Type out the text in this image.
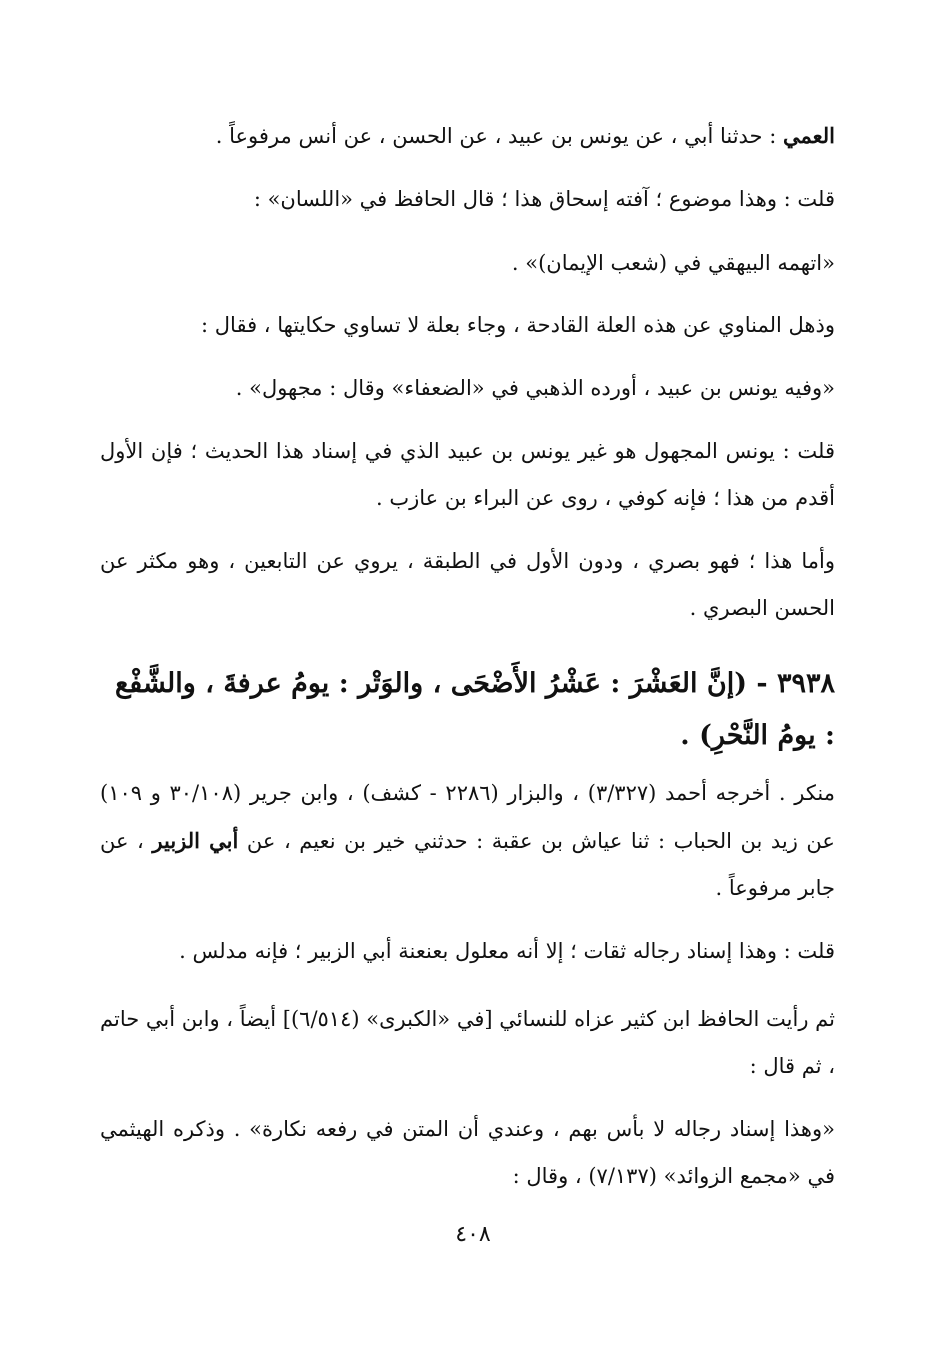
العمي : حدثنا أبي ، عن يونس بن عبيد ، عن الحسن ، عن أنس مرفوعاً .
قلت : وهذا موضوع ؛ آفته إسحاق هذا ؛ قال الحافظ في «اللسان» :
«اتهمه البيهقي في (شعب الإيمان)» .
وذهل المناوي عن هذه العلة القادحة ، وجاء بعلة لا تساوي حكايتها ، فقال :
«وفيه يونس بن عبيد ، أورده الذهبي في «الضعفاء» وقال : مجهول» .
قلت : يونس المجهول هو غير يونس بن عبيد الذي في إسناد هذا الحديث ؛ فإن الأول أقدم من هذا ؛ فإنه كوفي ، روى عن البراء بن عازب .
وأما هذا ؛ فهو بصري ، ودون الأول في الطبقة ، يروي عن التابعين ، وهو مكثر عن الحسن البصري .
٣٩٣٨ - (إنَّ العَشْرَ : عَشْرُ الأَضْحَى ، والوَتْر : يومُ عرفةَ ، والشَّفْع : يومُ النَّحْرِ) .
منكر . أخرجه أحمد (٣/٣٢٧) ، والبزار (٢٢٨٦ - كشف) ، وابن جرير (٣٠/١٠٨ و ١٠٩) عن زيد بن الحباب : ثنا عياش بن عقبة : حدثني خير بن نعيم ، عن أبي الزبير ، عن جابر مرفوعاً .
قلت : وهذا إسناد رجاله ثقات ؛ إلا أنه معلول بعنعنة أبي الزبير ؛ فإنه مدلس .
ثم رأيت الحافظ ابن كثير عزاه للنسائي [في «الكبرى» (٦/٥١٤)] أيضاً ، وابن أبي حاتم ، ثم قال :
«وهذا إسناد رجاله لا بأس بهم ، وعندي أن المتن في رفعه نكارة» . وذكره الهيثمي في «مجمع الزوائد» (٧/١٣٧) ، وقال :
٤٠٨
